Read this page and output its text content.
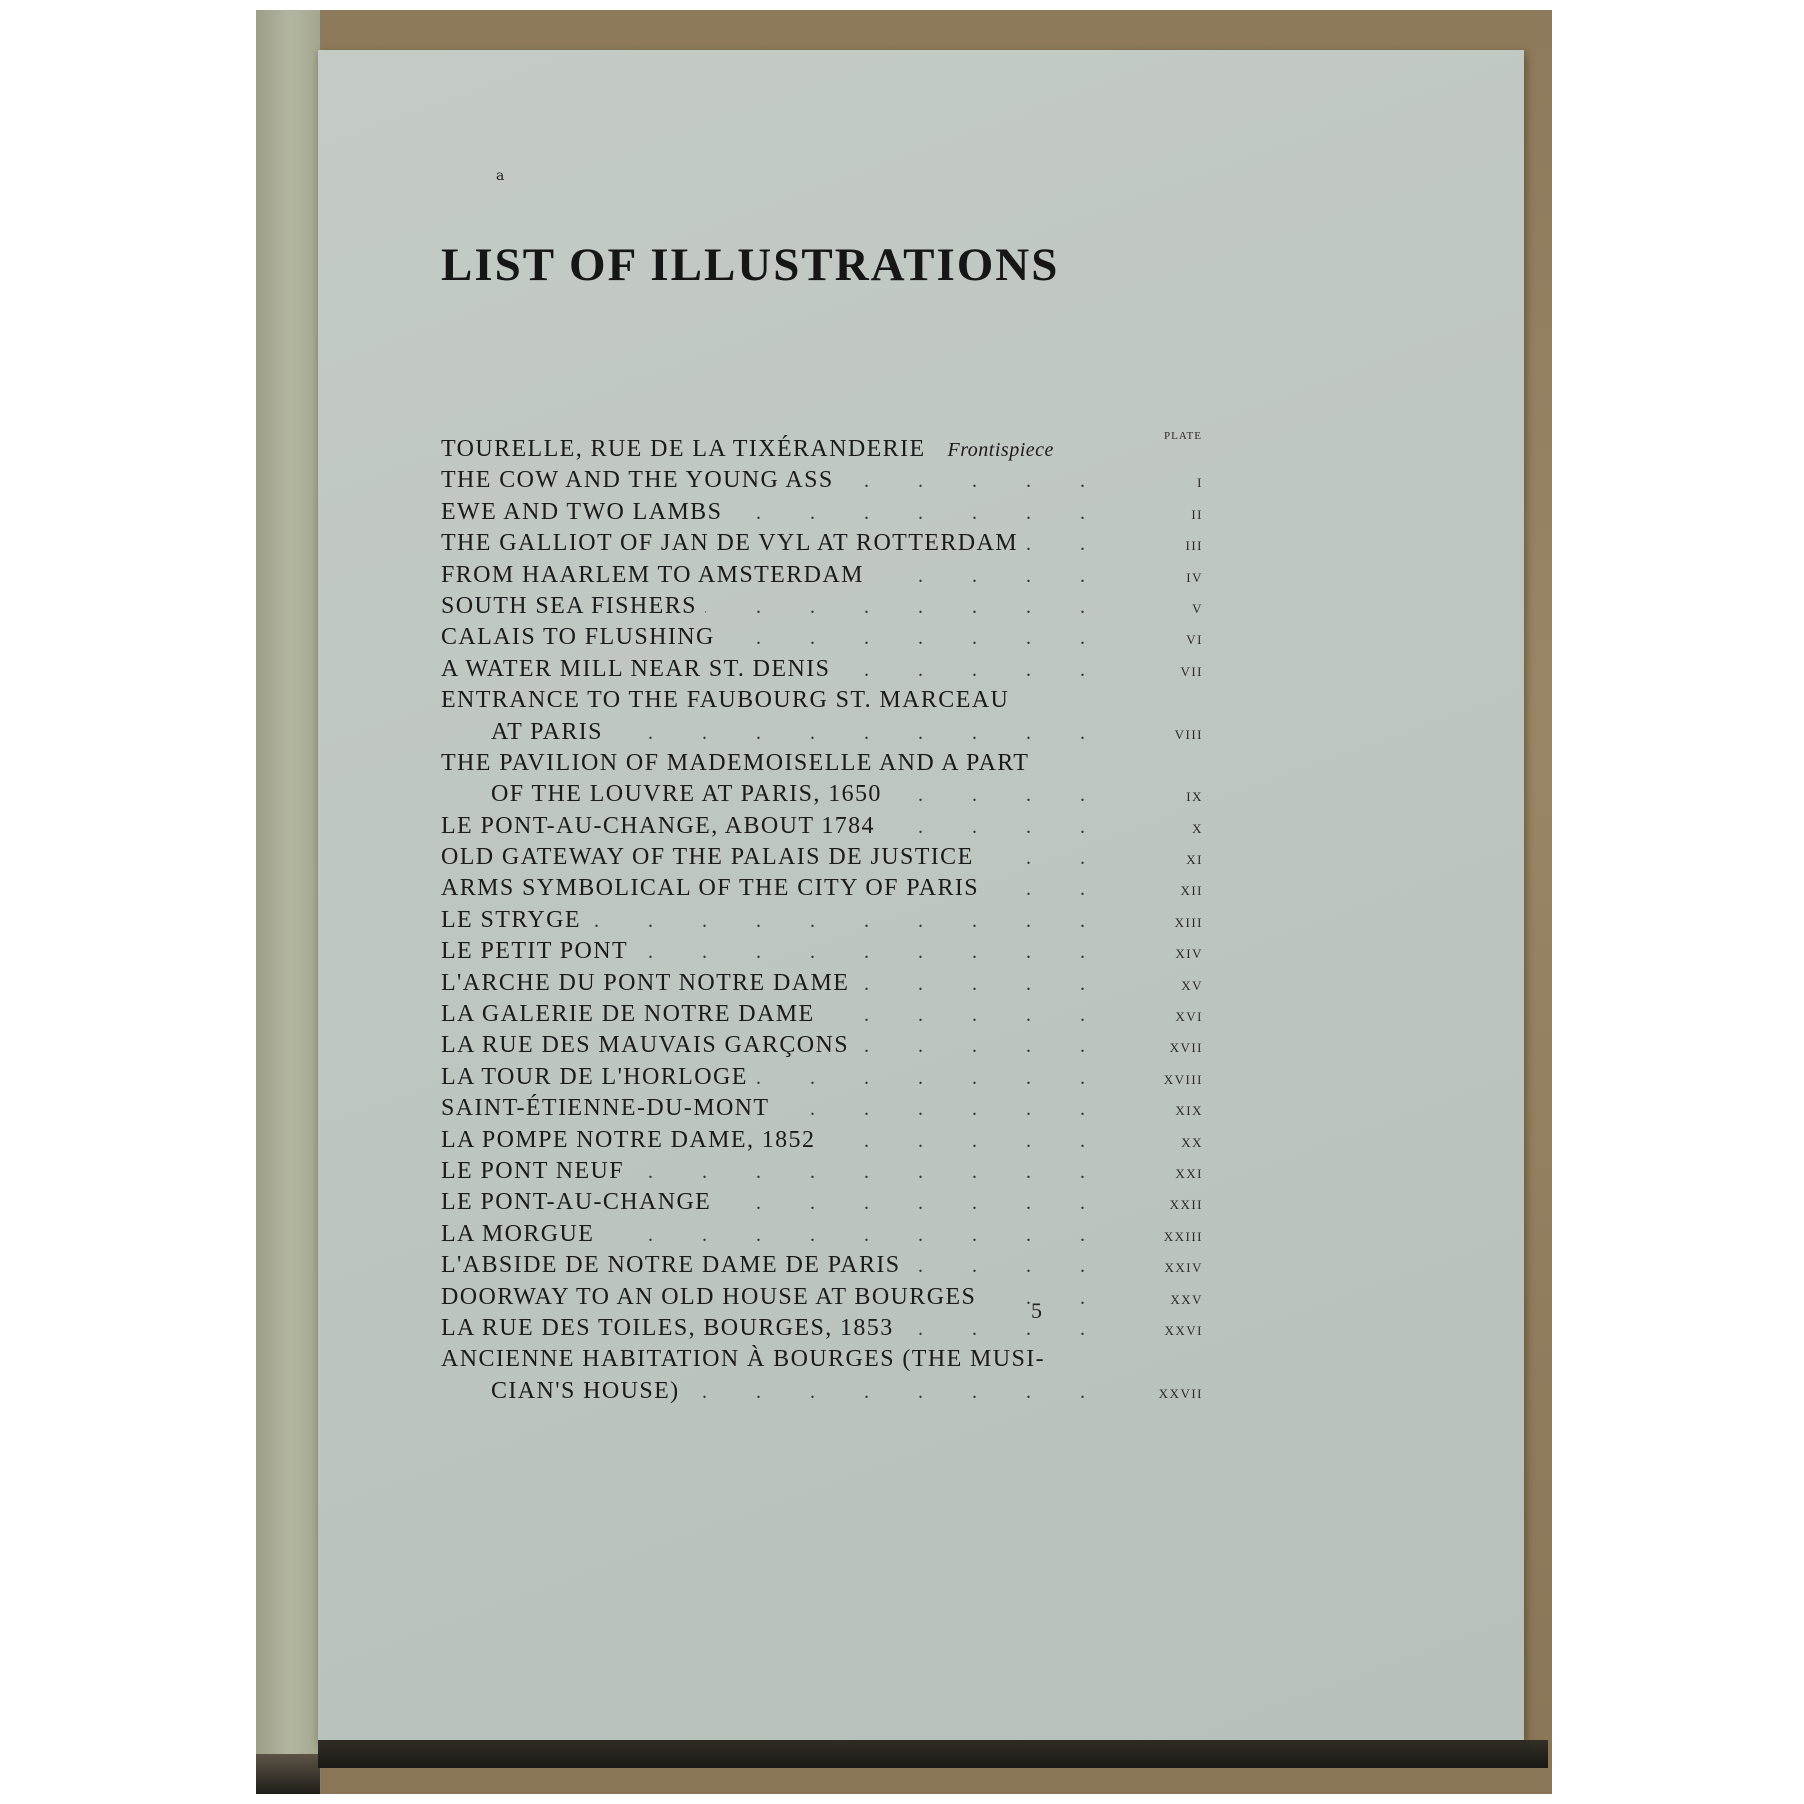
a
LIST OF ILLUSTRATIONS
PLATE
TOURELLE, RUE DE LA TIXÉRANDERIE Frontispiece
THE COW AND THE YOUNG ASS . . .	I
EWE AND TWO LAMBS . . .	II
THE GALLIOT OF JAN DE VYL AT ROTTERDAM . . .	III
FROM HAARLEM TO AMSTERDAM . . .	IV
SOUTH SEA FISHERS . . .	V
CALAIS TO FLUSHING . . .	VI
A WATER MILL NEAR ST. DENIS . . .	VII
ENTRANCE TO THE FAUBOURG ST. MARCEAU
AT PARIS . . .	VIII
THE PAVILION OF MADEMOISELLE AND A PART
OF THE LOUVRE AT PARIS, 1650 . . .	IX
LE PONT-AU-CHANGE, ABOUT 1784 . . .	X
OLD GATEWAY OF THE PALAIS DE JUSTICE . . .	XI
ARMS SYMBOLICAL OF THE CITY OF PARIS . . .	XII
LE STRYGE . . .	XIII
LE PETIT PONT . . .	XIV
L'ARCHE DU PONT NOTRE DAME . . .	XV
LA GALERIE DE NOTRE DAME . . .	XVI
LA RUE DES MAUVAIS GARÇONS . . .	XVII
LA TOUR DE L'HORLOGE . . .	XVIII
SAINT-ÉTIENNE-DU-MONT . . .	XIX
LA POMPE NOTRE DAME, 1852 . . .	XX
LE PONT NEUF . . .	XXI
LE PONT-AU-CHANGE . . .	XXII
LA MORGUE . . .	XXIII
L'ABSIDE DE NOTRE DAME DE PARIS . . .	XXIV
DOORWAY TO AN OLD HOUSE AT BOURGES . . .	XXV
LA RUE DES TOILES, BOURGES, 1853 . . .	XXVI
ANCIENNE HABITATION À BOURGES (THE MUSI-
CIAN'S HOUSE) . . .	XXVII
5
